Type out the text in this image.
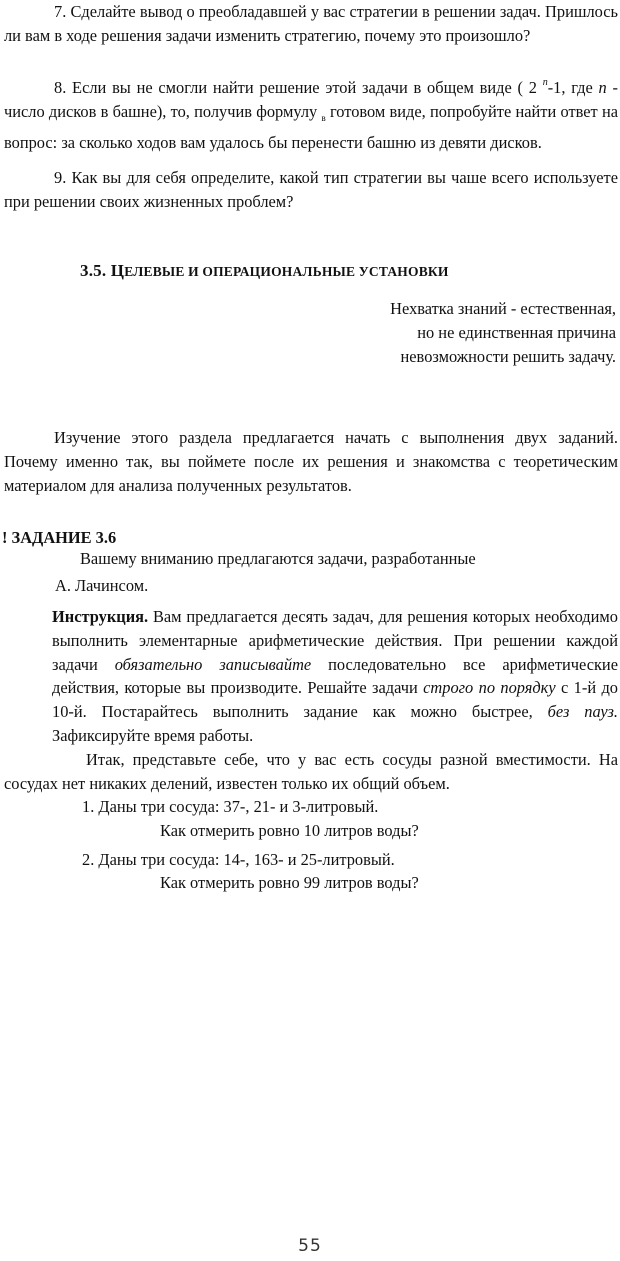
7. Сделайте вывод о преобладавшей у вас стратегии в решении задач. Пришлось ли вам в ходе решения задачи изменить стратегию, почему это произошло?

8. Если вы не смогли найти решение этой задачи в общем виде ( 2 $^n$-1, где n - число дисков в башне), то, получив формулу $_в$ готовом виде, попробуйте найти ответ на вопрос: за сколько ходов вам удалось бы перенести башню из девяти дисков.

9. Как вы для себя определите, какой тип стратегии вы чаше всего используете при решении своих жизненных проблем?

3.5. ЦЕЛЕВЫЕ И ОПЕРАЦИОНАЛЬНЫЕ УСТАНОВКИ
Нехватка знаний - естественная,
но не единственная причина
невозможности решить задачу.

Изучение этого раздела предлагается начать с выполнения двух заданий. Почему именно так, вы поймете после их решения и знакомства с теоретическим материалом для анализа полученных результатов.

! ЗАДАНИЕ 3.6
Вашему вниманию предлагаются задачи, разработанные
А. Лачинсом.

Инструкция. Вам предлагается десять задач, для решения которых необходимо выполнить элементарные арифметические действия. При решении каждой задачи обязательно записывайте последовательно все арифметические действия, которые вы производите. Решайте задачи строго по порядку с 1-й до 10-й. Постарайтесь выполнить задание как можно быстрее, без пауз. Зафиксируйте время работы.

Итак, представьте себе, что у вас есть сосуды разной вместимости. На сосудах нет никаких делений, известен только их общий объем.

1. Даны три сосуда: 37-, 21- и 3-литровый.
Как отмерить ровно 10 литров воды?
2. Даны три сосуда: 14-, 163- и 25-литровый.
Как отмерить ровно 99 литров воды?
55
